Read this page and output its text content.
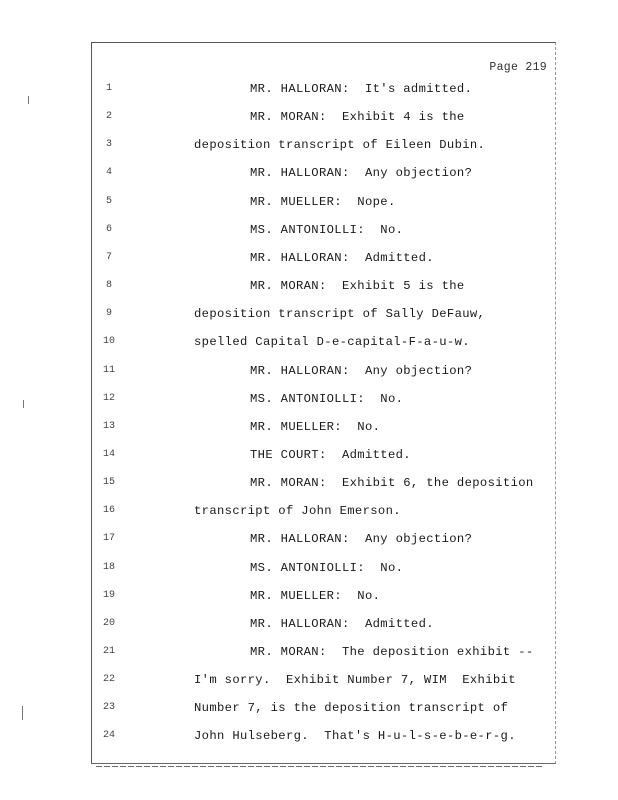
Page 219
1	MR. HALLORAN:  It's admitted.
2	MR. MORAN:  Exhibit 4 is the
3	deposition transcript of Eileen Dubin.
4	MR. HALLORAN:  Any objection?
5	MR. MUELLER:  Nope.
6	MS. ANTONIOLLI:  No.
7	MR. HALLORAN:  Admitted.
8	MR. MORAN:  Exhibit 5 is the
9	deposition transcript of Sally DeFauw,
10	spelled Capital D-e-capital-F-a-u-w.
11	MR. HALLORAN:  Any objection?
12	MS. ANTONIOLLI:  No.
13	MR. MUELLER:  No.
14	THE COURT:  Admitted.
15	MR. MORAN:  Exhibit 6, the deposition
16	transcript of John Emerson.
17	MR. HALLORAN:  Any objection?
18	MS. ANTONIOLLI:  No.
19	MR. MUELLER:  No.
20	MR. HALLORAN:  Admitted.
21	MR. MORAN:  The deposition exhibit --
22	I'm sorry.  Exhibit Number 7, WIM  Exhibit
23	Number 7, is the deposition transcript of
24	John Hulseberg.  That's H-u-l-s-e-b-e-r-g.
